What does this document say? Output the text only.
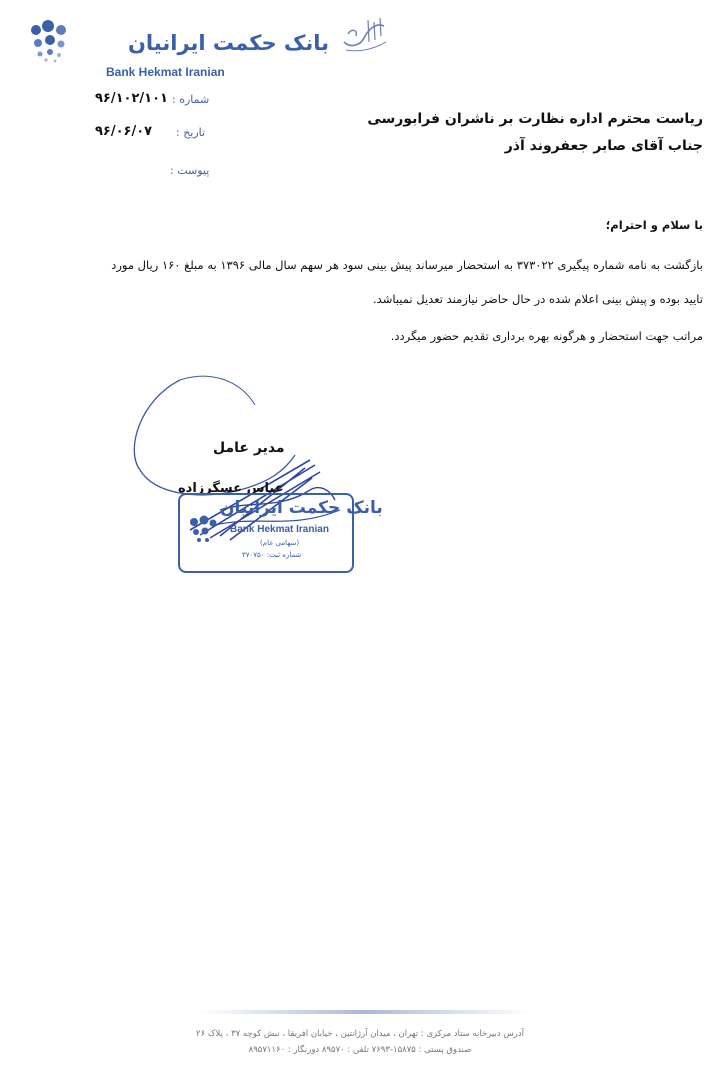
بانک حکمت ایرانیان
Bank Hekmat Iranian
شماره :
۹۶/۱۰۲/۱۰۱
تاریخ :
۹۶/۰۶/۰۷
پیوست :
ریاست محترم اداره نظارت بر ناشران فرابورسی
جناب آقای صابر جعفروند آذر
با سلام و احترام؛
بازگشت به نامه شماره پیگیری ۳۷۳۰۲۲ به استحضار میرساند پیش بینی سود هر سهم سال مالی ۱۳۹۶ به مبلغ ۱۶۰ ریال مورد
تایید بوده و پیش بینی اعلام شده در حال حاضر نیازمند تعدیل نمیباشد.
مراتب جهت استحضار و هرگونه بهره برداری تقدیم حضور میگردد.
مدیر عامل
عباس عسگرزاده
بانک حکمت ایرانیان
Bank Hekmat Iranian
(سهامی عام)
شماره ثبت: ۳۷۰۷۵۰
آدرس دبیرخانه ستاد مرکزی : تهران ، میدان آرژانتین ، خیابان افریقا ، نبش کوچه ۳۷ ، پلاک ۲۶
صندوق پستی : ۱۵۸۷۵-۷۶۹۳ تلفن : ۸۹۵۷۰ دورنگار : ۸۹۵۷۱۱۶۰
